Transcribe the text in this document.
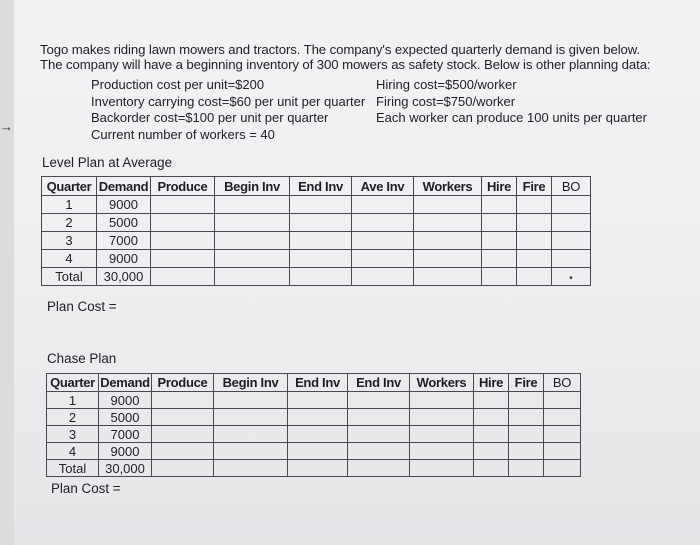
→

Togo makes riding lawn mowers and tractors. The company's expected quarterly demand is given below.

The company will have a beginning inventory of 300 mowers as safety stock. Below is other planning data:

Production cost per unit=$200
Inventory carrying cost=$60 per unit per quarter
Backorder cost=$100 per unit per quarter
Current number of workers = 40
Hiring cost=$500/worker
Firing cost=$750/worker
Each worker can produce 100 units per quarter
Level Plan at Average
Quarter	Demand	Produce	Begin Inv	End Inv	Ave Inv	Workers	Hire	Fire	BO
1	9000								
2	5000								
3	7000								
4	9000								
Total	30,000								•
Plan Cost =
Chase Plan
Quarter	Demand	Produce	Begin Inv	End Inv	End Inv	Workers	Hire	Fire	BO
1	9000								
2	5000								
3	7000								
4	9000								
Total	30,000								
Plan Cost =
